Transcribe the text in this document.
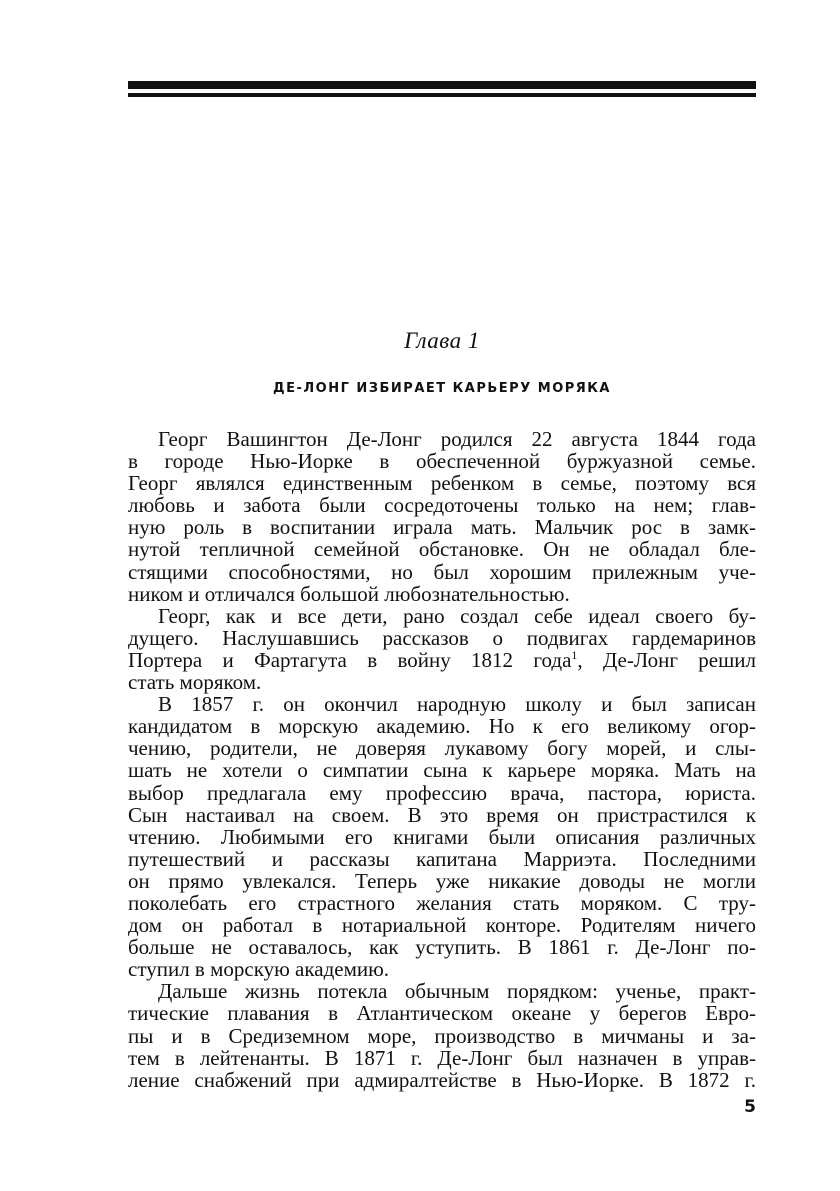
Глава 1
ДЕ-ЛОНГ ИЗБИРАЕТ КАРЬЕРУ МОРЯКА
Георг Вашингтон Де-Лонг родился 22 августа 1844 года
в городе Нью-Иорке в обеспеченной буржуазной семье.
Георг являлся единственным ребенком в семье, поэтому вся
любовь и забота были сосредоточены только на нем; глав-
ную роль в воспитании играла мать. Мальчик рос в замк-
нутой тепличной семейной обстановке. Он не обладал бле-
стящими способностями, но был хорошим прилежным уче-
ником и отличался большой любознательностью.
Георг, как и все дети, рано создал себе идеал своего бу-
дущего. Наслушавшись рассказов о подвигах гардемаринов
Портера и Фартагута в войну 1812 года$^1$, Де-Лонг решил
стать моряком.
В 1857 г. он окончил народную школу и был записан
кандидатом в морскую академию. Но к его великому огор-
чению, родители, не доверяя лукавому богу морей, и слы-
шать не хотели о симпатии сына к карьере моряка. Мать на
выбор предлагала ему профессию врача, пастора, юриста.
Сын настаивал на своем. В это время он пристрастился к
чтению. Любимыми его книгами были описания различных
путешествий и рассказы капитана Марриэта. Последними
он прямо увлекался. Теперь уже никакие доводы не могли
поколебать его страстного желания стать моряком. С тру-
дом он работал в нотариальной конторе. Родителям ничего
больше не оставалось, как уступить. В 1861 г. Де-Лонг по-
ступил в морскую академию.
Дальше жизнь потекла обычным порядком: ученье, практ-
тические плавания в Атлантическом океане у берегов Евро-
пы и в Средиземном море, производство в мичманы и за-
тем в лейтенанты. В 1871 г. Де-Лонг был назначен в управ-
ление снабжений при адмиралтействе в Нью-Иорке. В 1872 г.
5
